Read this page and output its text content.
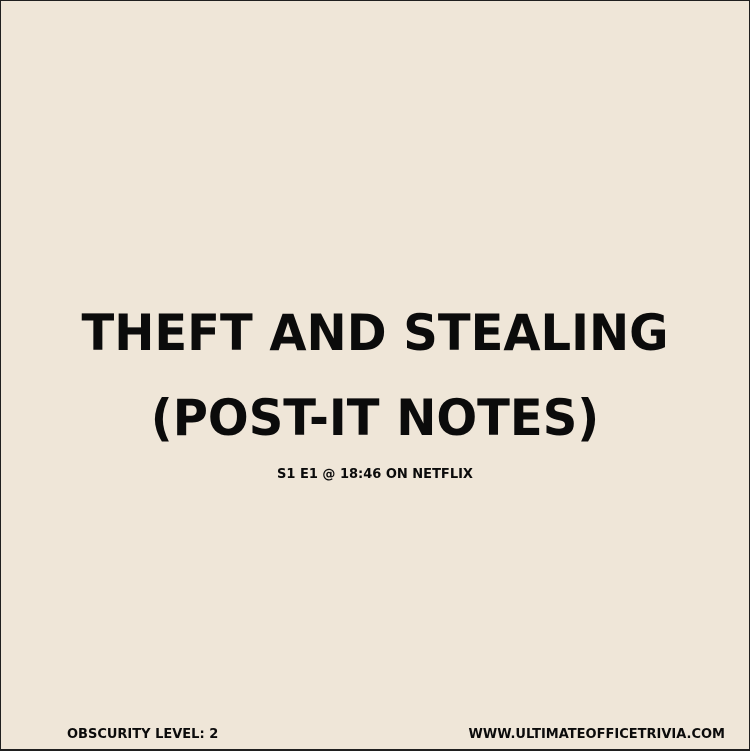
THEFT AND STEALING
(POST-IT NOTES)
S1 E1 @ 18:46 ON NETFLIX
OBSCURITY LEVEL: 2	WWW.ULTIMATEOFFICETRIVIA.COM
